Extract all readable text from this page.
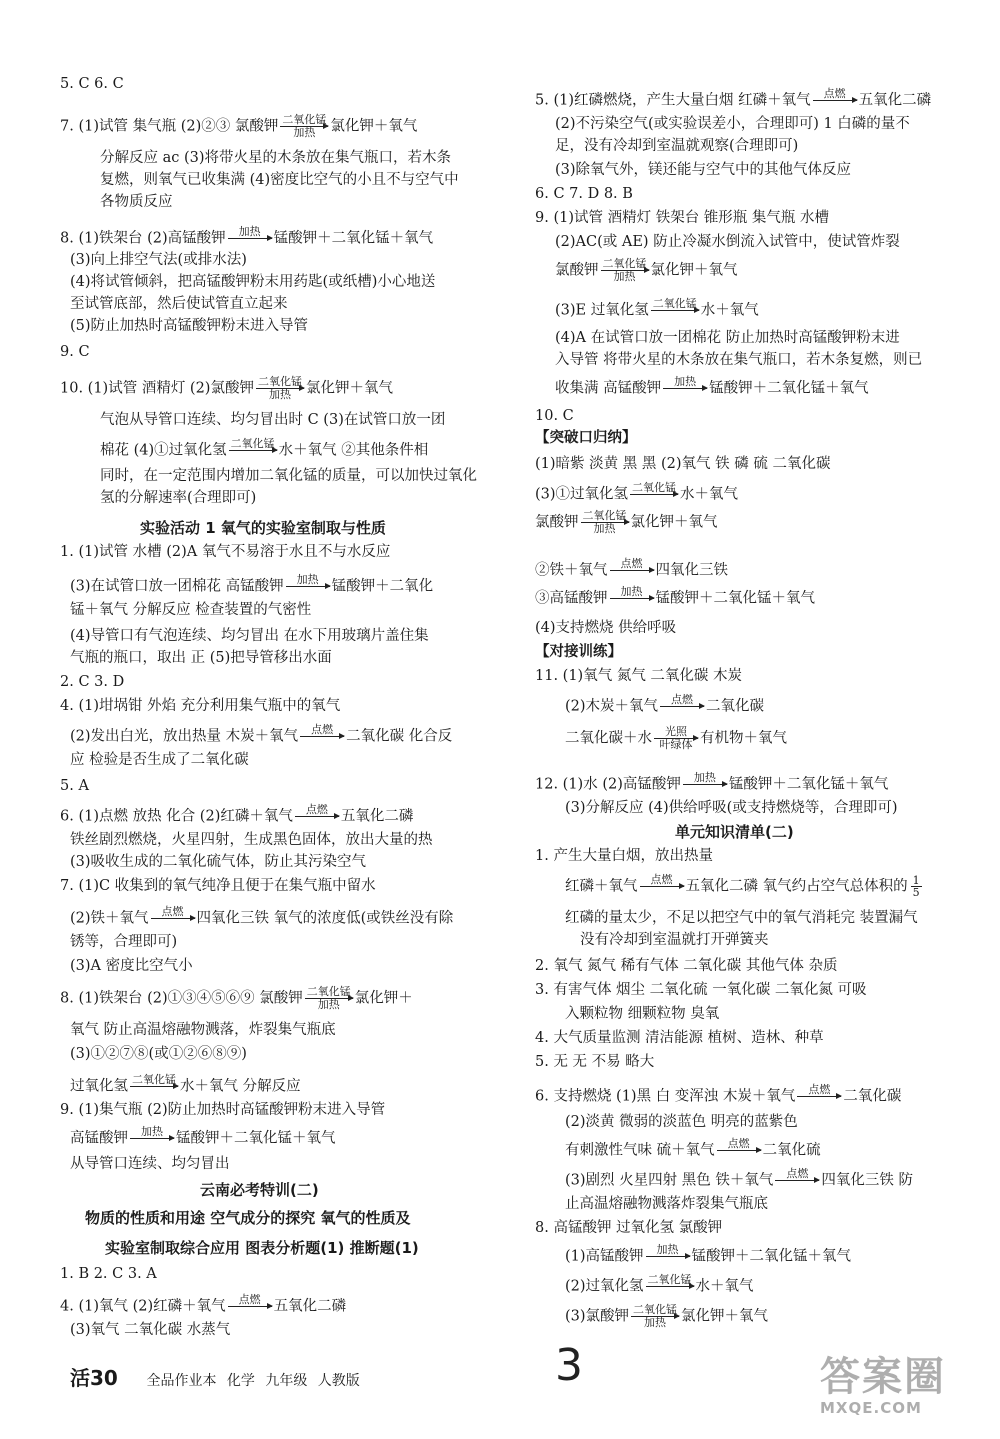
5. C 6. C
7. (1)试管 集气瓶 (2)②③ 氯酸钾 二氧化锰
加热	氯化钾＋氧气
分解反应 ac (3)将带火星的木条放在集气瓶口，若木条
复燃，则氧气已收集满 (4)密度比空气的小且不与空气中
各物质反应
8. (1)铁架台 (2)高锰酸钾	加热
锰酸钾＋二氧化锰＋氧气
(3)向上排空气法(或排水法)
(4)将试管倾斜，把高锰酸钾粉末用药匙(或纸槽)小心地送
至试管底部，然后使试管直立起来
(5)防止加热时高锰酸钾粉末进入导管
9. C
10. (1)试管 酒精灯 (2)氯酸钾 二氧化锰
加热	氯化钾＋氧气
气泡从导管口连续、均匀冒出时 C (3)在试管口放一团
棉花 (4)①过氧化氢 二氧化锰
水＋氧气 ②其他条件相
同时，在一定范围内增加二氧化锰的质量，可以加快过氧化
氢的分解速率(合理即可)
实验活动 1 氧气的实验室制取与性质
1. (1)试管 水槽 (2)A 氧气不易溶于水且不与水反应
(3)在试管口放一团棉花 高锰酸钾	加热
锰酸钾＋二氧化
锰＋氧气 分解反应 检查装置的气密性
(4)导管口有气泡连续、均匀冒出 在水下用玻璃片盖住集
气瓶的瓶口，取出 正 (5)把导管移出水面
2. C 3. D
4. (1)坩埚钳 外焰 充分利用集气瓶中的氧气
(2)发出白光，放出热量 木炭＋氧气	点燃
二氧化碳 化合反
应 检验是否生成了二氧化碳
5. A
6. (1)点燃 放热 化合 (2)红磷＋氧气	点燃
五氧化二磷
铁丝剧烈燃烧，火星四射，生成黑色固体，放出大量的热
(3)吸收生成的二氧化硫气体，防止其污染空气
7. (1)C 收集到的氧气纯净且便于在集气瓶中留水
(2)铁＋氧气	点燃
四氧化三铁 氧气的浓度低(或铁丝没有除
锈等，合理即可)
(3)A 密度比空气小
8. (1)铁架台 (2)①③④⑤⑥⑨ 氯酸钾 二氧化锰
加热	氯化钾＋
氧气 防止高温熔融物溅落，炸裂集气瓶底
(3)①②⑦⑧(或①②⑥⑧⑨)
过氧化氢 二氧化锰
水＋氧气 分解反应
9. (1)集气瓶 (2)防止加热时高锰酸钾粉末进入导管
高锰酸钾	加热
锰酸钾＋二氧化锰＋氧气
从导管口连续、均匀冒出
云南必考特训(二)
物质的性质和用途 空气成分的探究 氧气的性质及
实验室制取综合应用 图表分析题(1) 推断题(1)
1. B 2. C 3. A
4. (1)氧气 (2)红磷＋氧气	点燃
五氧化二磷
(3)氧气 二氧化碳 水蒸气
5. (1)红磷燃烧，产生大量白烟 红磷＋氧气	点燃
五氧化二磷
(2)不污染空气(或实验误差小，合理即可) 1 白磷的量不
足，没有冷却到室温就观察(合理即可)
(3)除氧气外，镁还能与空气中的其他气体反应
6. C 7. D 8. B
9. (1)试管 酒精灯 铁架台 锥形瓶 集气瓶 水槽
(2)AC(或 AE) 防止冷凝水倒流入试管中，使试管炸裂
氯酸钾 二氧化锰
加热	氯化钾＋氧气
(3)E 过氧化氢 二氧化锰
水＋氧气
(4)A 在试管口放一团棉花 防止加热时高锰酸钾粉末进
入导管 将带火星的木条放在集气瓶口，若木条复燃，则已
收集满 高锰酸钾	加热
锰酸钾＋二氧化锰＋氧气
10. C
【突破口归纳】
(1)暗紫 淡黄 黑 黑 (2)氧气 铁 磷 硫 二氧化碳
(3)①过氧化氢 二氧化锰
水＋氧气
氯酸钾 二氧化锰
加热	氯化钾＋氧气
②铁＋氧气	点燃
四氧化三铁
③高锰酸钾	加热
锰酸钾＋二氧化锰＋氧气
(4)支持燃烧 供给呼吸
【对接训练】
11. (1)氧气 氮气 二氧化碳 木炭
(2)木炭＋氧气	点燃
二氧化碳
二氧化碳＋水	光照
叶绿体 有机物＋氧气
12. (1)水 (2)高锰酸钾	加热
锰酸钾＋二氧化锰＋氧气
(3)分解反应 (4)供给呼吸(或支持燃烧等，合理即可)
单元知识清单(二)
1. 产生大量白烟，放出热量
红磷＋氧气	点燃
五氧化二磷 氧气约占空气总体积的 $\frac{1}{5}$
红磷的量太少，不足以把空气中的氧气消耗完 装置漏气
没有冷却到室温就打开弹簧夹
2. 氧气 氮气 稀有气体 二氧化碳 其他气体 杂质
3. 有害气体 烟尘 二氧化硫 一氧化碳 二氧化氮 可吸
入颗粒物 细颗粒物 臭氧
4. 大气质量监测 清洁能源 植树、造林、种草
5. 无 无 不易 略大
6. 支持燃烧 (1)黑 白 变浑浊 木炭＋氧气	点燃
二氧化碳
(2)淡黄 微弱的淡蓝色 明亮的蓝紫色
有刺激性气味 硫＋氧气	点燃
二氧化硫
(3)剧烈 火星四射 黑色 铁＋氧气	点燃
四氧化三铁 防
止高温熔融物溅落炸裂集气瓶底
8. 高锰酸钾 过氧化氢 氯酸钾
(1)高锰酸钾	加热
锰酸钾＋二氧化锰＋氧气
(2)过氧化氢 二氧化锰
水＋氧气
(3)氯酸钾 二氧化锰
加热	氯化钾＋氧气
活30 全品作业本 化学 九年级 人教版	3	答案圈
MXQE.COM
